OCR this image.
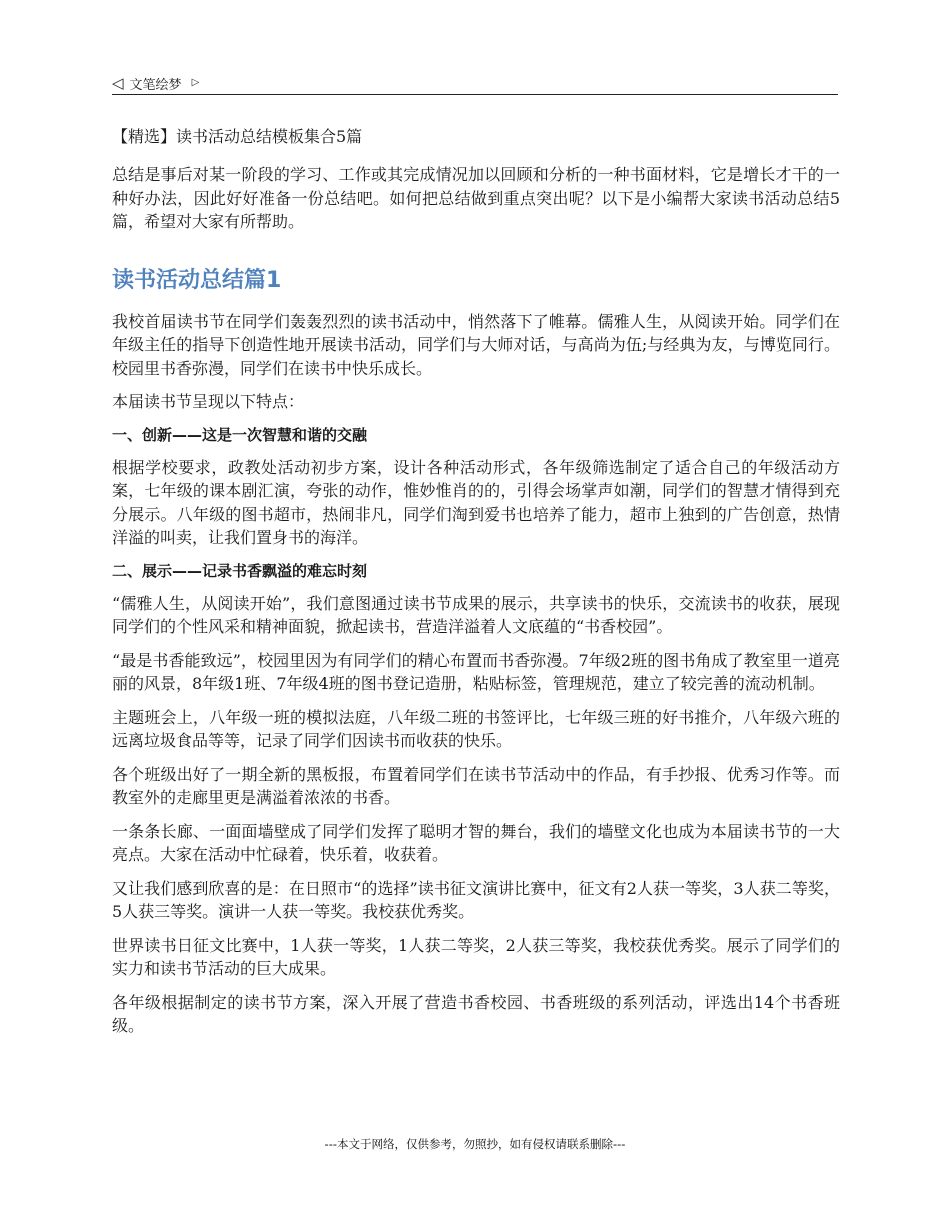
◁ 文笔绘梦 ▷
【精选】读书活动总结模板集合5篇

总结是事后对某一阶段的学习、工作或其完成情况加以回顾和分析的一种书面材料，它是增长才干的一种好办法，因此好好准备一份总结吧。如何把总结做到重点突出呢？以下是小编帮大家读书活动总结5篇，希望对大家有所帮助。

读书活动总结篇1

我校首届读书节在同学们轰轰烈烈的读书活动中，悄然落下了帷幕。儒雅人生，从阅读开始。同学们在年级主任的指导下创造性地开展读书活动，同学们与大师对话，与高尚为伍;与经典为友，与博览同行。校园里书香弥漫，同学们在读书中快乐成长。

本届读书节呈现以下特点：

一、创新——这是一次智慧和谐的交融

根据学校要求，政教处活动初步方案，设计各种活动形式，各年级筛选制定了适合自己的年级活动方案，七年级的课本剧汇演，夸张的动作，惟妙惟肖的的，引得会场掌声如潮，同学们的智慧才情得到充分展示。八年级的图书超市，热闹非凡，同学们淘到爱书也培养了能力，超市上独到的广告创意，热情洋溢的叫卖，让我们置身书的海洋。

二、展示——记录书香飘溢的难忘时刻

“儒雅人生，从阅读开始”，我们意图通过读书节成果的展示，共享读书的快乐，交流读书的收获，展现同学们的个性风采和精神面貌，掀起读书，营造洋溢着人文底蕴的“书香校园”。

“最是书香能致远”，校园里因为有同学们的精心布置而书香弥漫。7年级2班的图书角成了教室里一道亮丽的风景，8年级1班、7年级4班的图书登记造册，粘贴标签，管理规范，建立了较完善的流动机制。

主题班会上，八年级一班的模拟法庭，八年级二班的书签评比，七年级三班的好书推介，八年级六班的远离垃圾食品等等，记录了同学们因读书而收获的快乐。

各个班级出好了一期全新的黑板报，布置着同学们在读书节活动中的作品，有手抄报、优秀习作等。而教室外的走廊里更是满溢着浓浓的书香。

一条条长廊、一面面墙壁成了同学们发挥了聪明才智的舞台，我们的墙壁文化也成为本届读书节的一大亮点。大家在活动中忙碌着，快乐着，收获着。

又让我们感到欣喜的是：在日照市“的选择”读书征文演讲比赛中，征文有2人获一等奖，3人获二等奖，5人获三等奖。演讲一人获一等奖。我校获优秀奖。

世界读书日征文比赛中，1人获一等奖，1人获二等奖，2人获三等奖，我校获优秀奖。展示了同学们的实力和读书节活动的巨大成果。

各年级根据制定的读书节方案，深入开展了营造书香校园、书香班级的系列活动，评选出14个书香班级。

---本文于网络，仅供参考，勿照抄，如有侵权请联系删除---
